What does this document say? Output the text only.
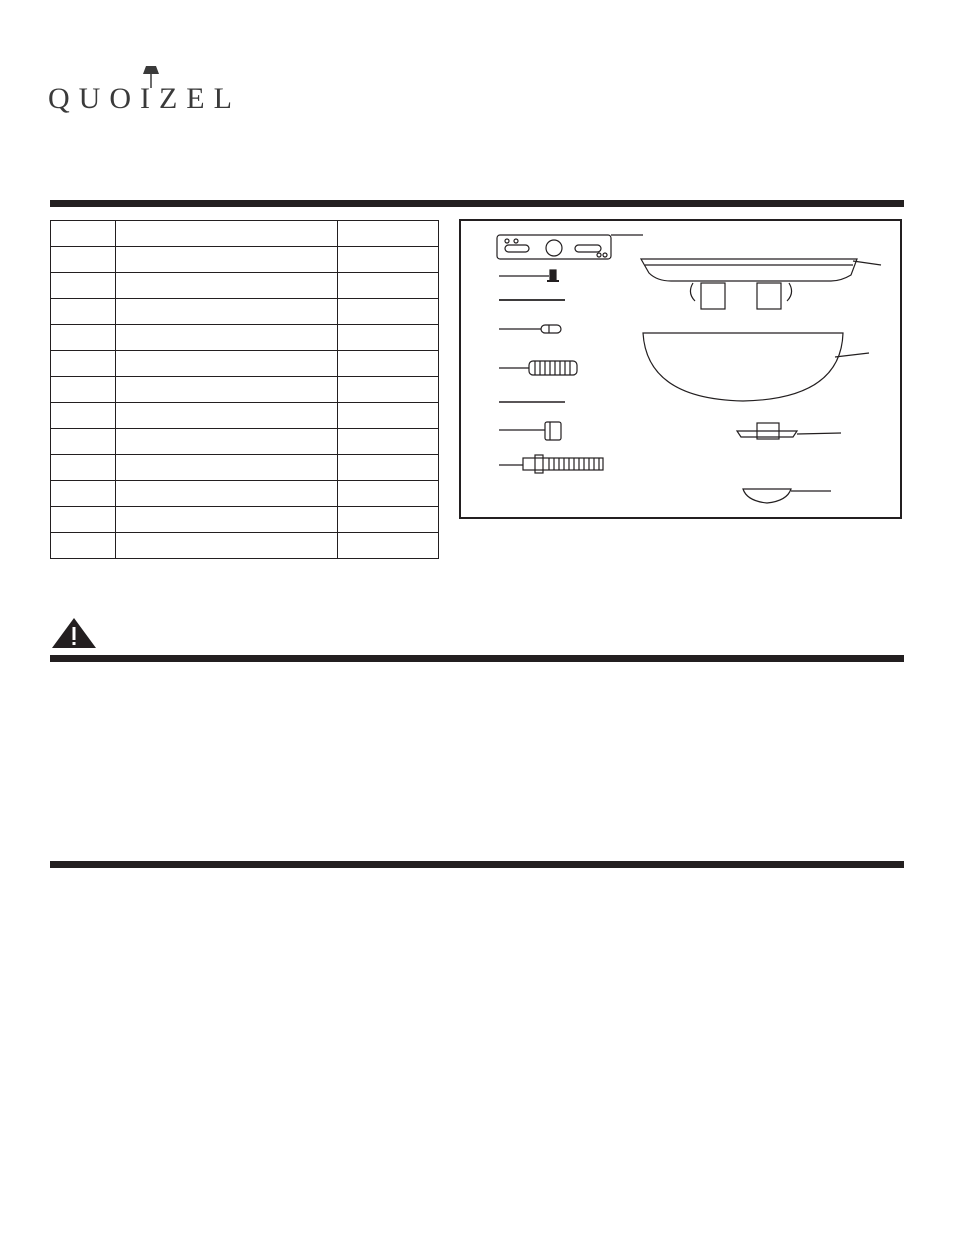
QUOIZEL
